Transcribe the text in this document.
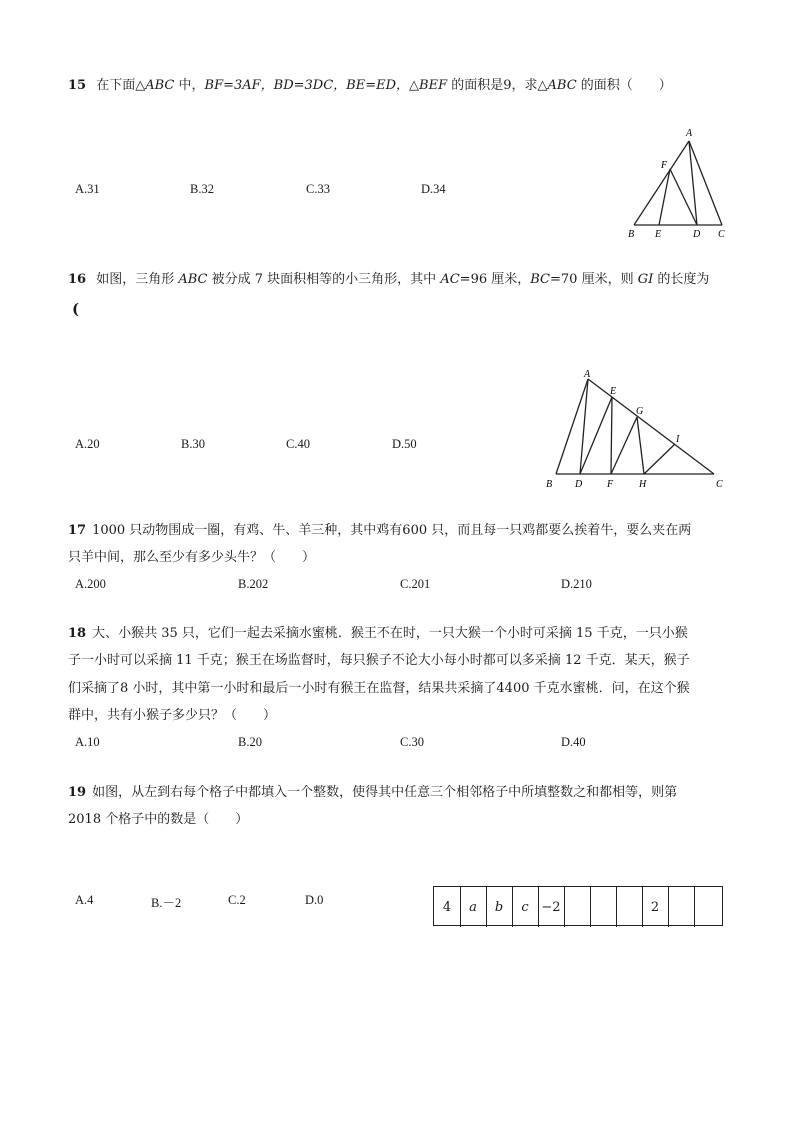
15 在下面△ABC 中，BF=3AF，BD=3DC，BE=ED，△BEF 的面积是9，求△ABC 的面积（　　）
A.31	B.32	C.33	D.34
A
F
B E	D C
16 如图，三角形 ABC 被分成 7 块面积相等的小三角形，其中 AC=96 厘米，BC=70 厘米，则 GI 的长度为
(
A.20	B.30	C.40	D.50
A
E
G
I
B D F	H	C
17 1000 只动物围成一圈，有鸡、牛、羊三种，其中鸡有600 只，而且每一只鸡都要么挨着牛，要么夹在两
只羊中间，那么至少有多少头牛？（　　）
A.200	B.202	C.201	D.210
18 大、小猴共 35 只，它们一起去采摘水蜜桃．猴王不在时，一只大猴一个小时可采摘 15 千克，一只小猴
子一小时可以采摘 11 千克；猴王在场监督时，每只猴子不论大小每小时都可以多采摘 12 千克．某天，猴子
们采摘了8 小时，其中第一小时和最后一小时有猴王在监督，结果共采摘了4400 千克水蜜桃．问，在这个猴
群中，共有小猴子多少只？（　　）
A.10	B.20	C.30	D.40
19 如图，从左到右每个格子中都填入一个整数，使得其中任意三个相邻格子中所填整数之和都相等，则第
2018 个格子中的数是（　　）
A.4	B.－2	C.2	D.0	4	a	b	c −2	2
